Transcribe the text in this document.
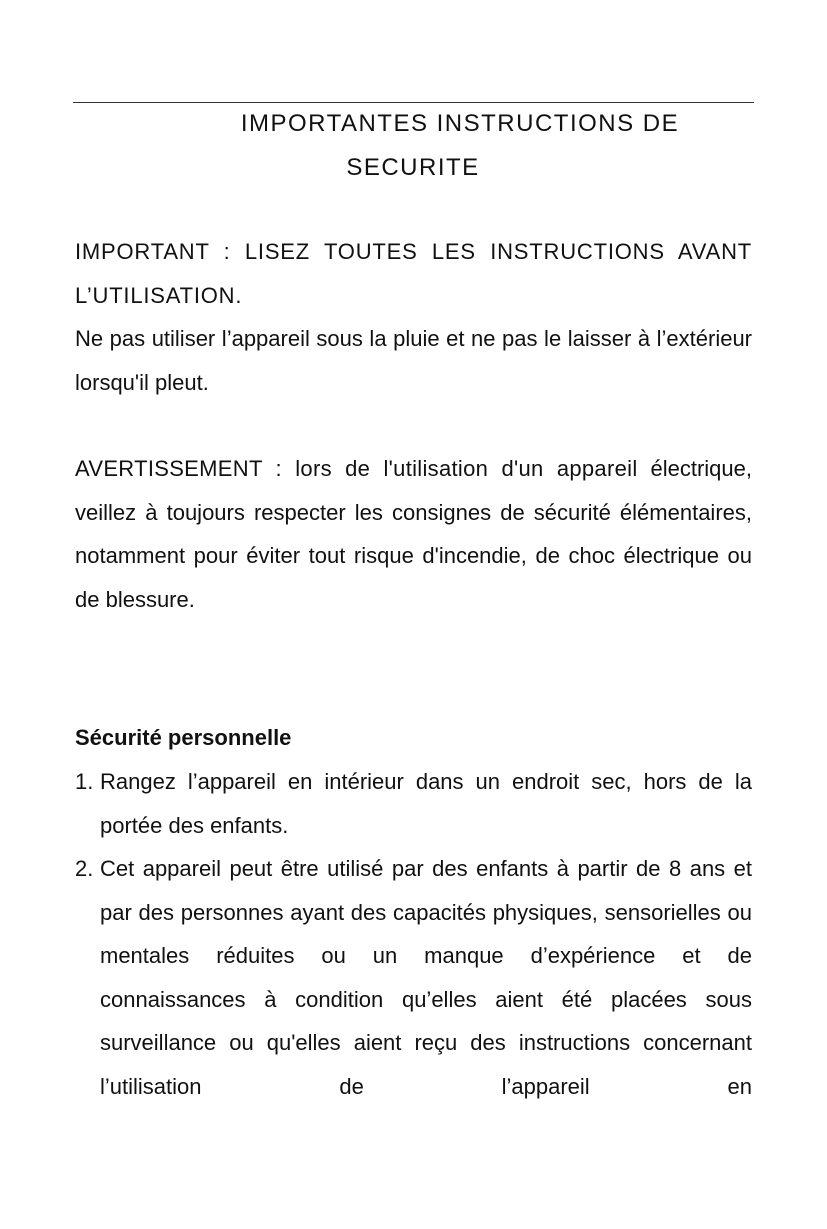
IMPORTANTES INSTRUCTIONS DE
SECURITE

IMPORTANT : LISEZ TOUTES LES INSTRUCTIONS AVANT
L’UTILISATION.

Ne pas utiliser l’appareil sous la pluie et ne pas le laisser à l’extérieur lorsqu'il pleut.

AVERTISSEMENT : lors de l'utilisation d'un appareil électrique, veillez à toujours respecter les consignes de sécurité élémentaires, notamment pour éviter tout risque d'incendie, de choc électrique ou de blessure.

Sécurité personnelle
1. Rangez l’appareil en intérieur dans un endroit sec, hors de la portée des enfants.
2. Cet appareil peut être utilisé par des enfants à partir de 8 ans et par des personnes ayant des capacités physiques, sensorielles ou mentales réduites ou un manque d’expérience et de connaissances à condition qu’elles aient été placées sous surveillance ou qu'elles aient reçu des instructions concernant l’utilisation de l’appareil en
